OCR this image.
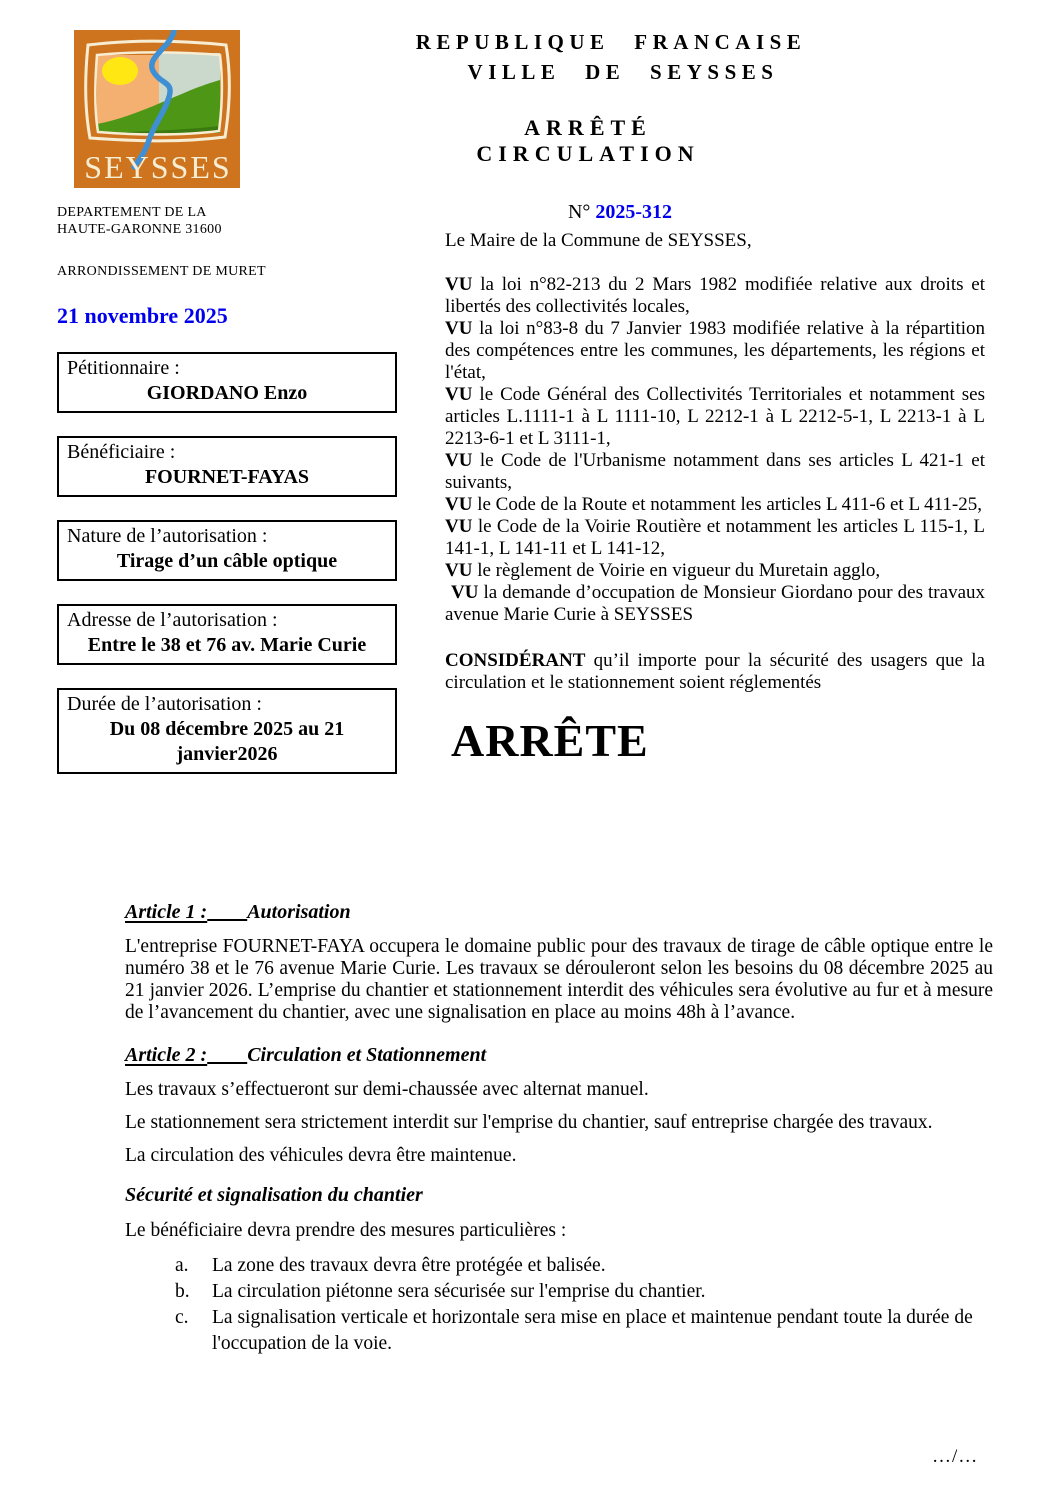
SEYSSES
DEPARTEMENT DE LA
HAUTE-GARONNE 31600
ARRONDISSEMENT DE MURET
21 novembre 2025
Pétitionnaire :
GIORDANO Enzo
Bénéficiaire :
FOURNET-FAYAS
Nature de l’autorisation :
Tirage d’un câble optique
Adresse de l’autorisation :
Entre le 38 et 76 av. Marie Curie
Durée de l’autorisation :
Du 08 décembre 2025 au 21 janvier2026
REPUBLIQUE FRANCAISE
VILLE DE SEYSSES
ARRÊTÉ CIRCULATION
N° 2025-312

Le Maire de la Commune de SEYSSES,

VU la loi n°82-213 du 2 Mars 1982 modifiée relative aux droits et libertés des collectivités locales,

VU la loi n°83-8 du 7 Janvier 1983 modifiée relative à la répartition des compétences entre les communes, les départements, les régions et l'état,

VU le Code Général des Collectivités Territoriales et notamment ses articles L.1111-1 à L 1111-10, L 2212-1 à L 2212-5-1, L 2213-1 à L 2213-6-1 et L 3111-1,

VU le Code de l'Urbanisme notamment dans ses articles L 421-1 et suivants,

VU le Code de la Route et notamment les articles L 411-6 et L 411-25,

VU le Code de la Voirie Routière et notamment les articles L 115-1, L 141-1, L 141-11 et L 141-12,

VU le règlement de Voirie en vigueur du Muretain agglo,

VU la demande d’occupation de Monsieur Giordano pour des travaux avenue Marie Curie à SEYSSES

CONSIDÉRANT qu’il importe pour la sécurité des usagers que la circulation et le stationnement soient réglementés

ARRÊTE
Article 1 : Autorisation

L'entreprise FOURNET-FAYA occupera le domaine public pour des travaux de tirage de câble optique entre le numéro 38 et le 76 avenue Marie Curie. Les travaux se dérouleront selon les besoins du 08 décembre 2025 au 21 janvier 2026. L’emprise du chantier et stationnement interdit des véhicules sera évolutive au fur et à mesure de l’avancement du chantier, avec une signalisation en place au moins 48h à l’avance.

Article 2 : Circulation et Stationnement

Les travaux s’effectueront sur demi-chaussée avec alternat manuel.

Le stationnement sera strictement interdit sur l'emprise du chantier, sauf entreprise chargée des travaux.

La circulation des véhicules devra être maintenue.

Sécurité et signalisation du chantier

Le bénéficiaire devra prendre des mesures particulières :

a.	La zone des travaux devra être protégée et balisée.
b.	La circulation piétonne sera sécurisée sur l'emprise du chantier.
c.	La signalisation verticale et horizontale sera mise en place et maintenue pendant toute la durée de l'occupation de la voie.
…/…
